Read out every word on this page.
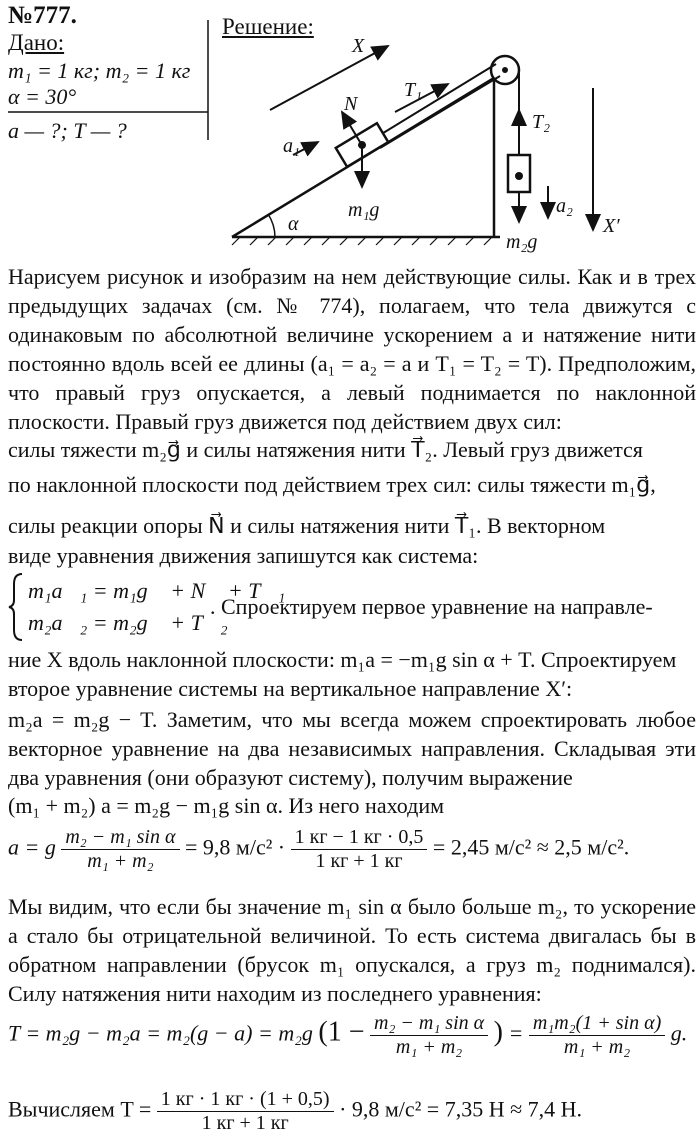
№777.
Дано:
m₁ = 1 кг; m₂ = 1 кг
α = 30°
a — ?; T — ?
Решение:
X
T₁
N
a₁
m₁g
α
T₂
a₂
m₂g
X′
Нарисуем рисунок и изобразим на нем действующие силы. Как и в трех предыдущих задачах (см. № 774), полагаем, что тела движутся с одинаковым по абсолютной величине ускорением a и натяжение нити постоянно вдоль всей ее длины (a₁ = a₂ = a и T₁ = T₂ = T). Предположим, что правый груз опускается, а левый поднимается по наклонной плоскости. Правый груз движется под действием двух сил:
силы тяжести m₂g⃗ и силы натяжения нити T⃗₂. Левый груз движется
по наклонной плоскости под действием трех сил: силы тяжести m₁g⃗,
силы реакции опоры N⃗ и силы натяжения нити T⃗₁. В векторном
виде уравнения движения запишутся как система:
m₁a⃗₁ = m₁g⃗ + N⃗ + T⃗₁
m₂a⃗₂ = m₂g⃗ + T⃗₂
. Спроектируем первое уравнение на направле-
ние X вдоль наклонной плоскости: m₁a = −m₁g sin α + T. Спроектируем
второе уравнение системы на вертикальное направление X′:
m₂a = m₂g − T. Заметим, что мы всегда можем спроектировать любое векторное уравнение на два независимых направления. Складывая эти два уравнения (они образуют систему), получим выражение
(m₁ + m₂) a = m₂g − m₁g sin α. Из него находим
a = g $\frac{\text{m₂ − m₁ sin α}}{\text{m₁ + m₂}} = 9,8$ $м/с^2 \cdot \frac{1 кг - 1 кг \cdot 0,5}{1 кг + 1 кг} = 2,45$ м/с² ≈ 2,5 м/с².
Мы видим, что если бы значение m₁ sin α было больше m₂, то ускорение a стало бы отрицательной величиной. То есть система двигалась бы в обратном направлении (брусок m₁ опускался, а груз m₂ поднимался). Силу натяжения нити находим из последнего уравнения:
T = m₂g − m₂a = m₂(g − a) = m₂g ($1 - \frac{\text{m₂ − m₁ sin α}}{\text{m₁ + m₂}}$ ) = $\frac{\text{m₁m₂(1 + sin α)}}{\text{m₁ + m₂}} g$.
Вычисляем $T = \frac{1 кг \cdot 1 кг \cdot (1 + 0,5)}{1 кг + 1 кг} \cdot 9,8$ м/с² = 7,35 Н ≈ 7,4 Н.
